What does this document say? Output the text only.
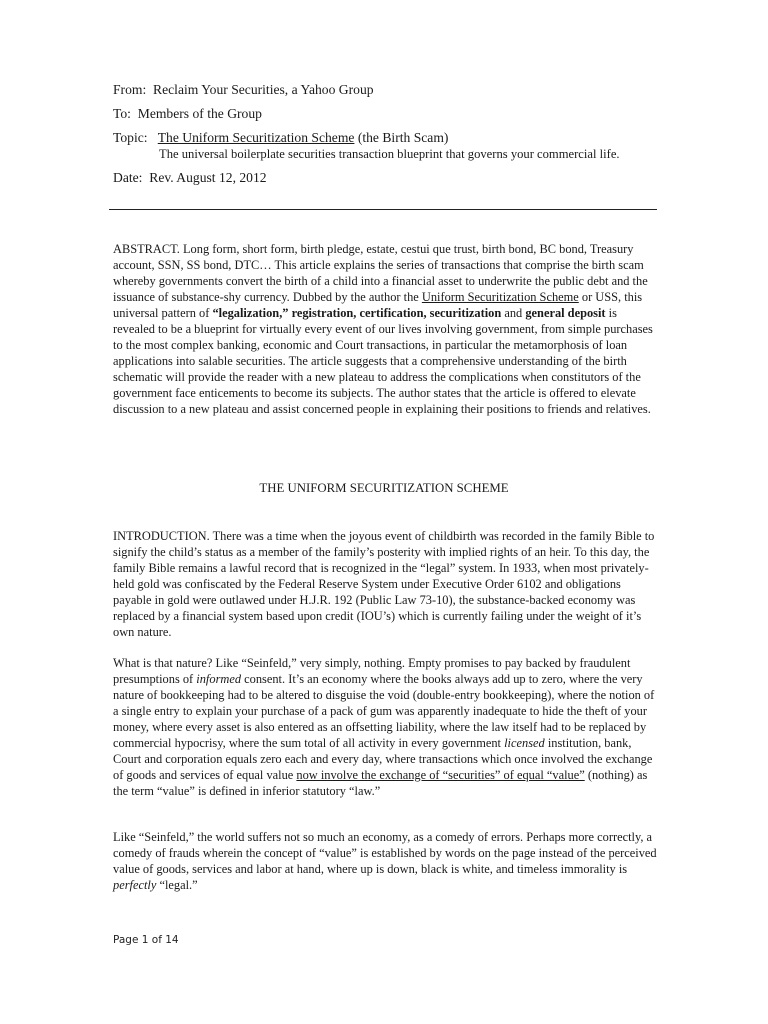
From: Reclaim Your Securities, a Yahoo Group
To: Members of the Group
Topic: The Uniform Securitization Scheme (the Birth Scam)
The universal boilerplate securities transaction blueprint that governs your commercial life.
Date: Rev. August 12, 2012
ABSTRACT. Long form, short form, birth pledge, estate, cestui que trust, birth bond, BC bond, Treasury account, SSN, SS bond, DTC… This article explains the series of transactions that comprise the birth scam whereby governments convert the birth of a child into a financial asset to underwrite the public debt and the issuance of substance-shy currency. Dubbed by the author the Uniform Securitization Scheme or USS, this universal pattern of “legalization,” registration, certification, securitization and general deposit is revealed to be a blueprint for virtually every event of our lives involving government, from simple purchases to the most complex banking, economic and Court transactions, in particular the metamorphosis of loan applications into salable securities. The article suggests that a comprehensive understanding of the birth schematic will provide the reader with a new plateau to address the complications when constitutors of the government face enticements to become its subjects. The author states that the article is offered to elevate discussion to a new plateau and assist concerned people in explaining their positions to friends and relatives.
THE UNIFORM SECURITIZATION SCHEME
INTRODUCTION. There was a time when the joyous event of childbirth was recorded in the family Bible to signify the child’s status as a member of the family’s posterity with implied rights of an heir. To this day, the family Bible remains a lawful record that is recognized in the “legal” system. In 1933, when most privately-held gold was confiscated by the Federal Reserve System under Executive Order 6102 and obligations payable in gold were outlawed under H.J.R. 192 (Public Law 73-10), the substance-backed economy was replaced by a financial system based upon credit (IOU’s) which is currently failing under the weight of it’s own nature.
What is that nature? Like “Seinfeld,” very simply, nothing. Empty promises to pay backed by fraudulent presumptions of informed consent. It’s an economy where the books always add up to zero, where the very nature of bookkeeping had to be altered to disguise the void (double-entry bookkeeping), where the notion of a single entry to explain your purchase of a pack of gum was apparently inadequate to hide the theft of your money, where every asset is also entered as an offsetting liability, where the law itself had to be replaced by commercial hypocrisy, where the sum total of all activity in every government licensed institution, bank, Court and corporation equals zero each and every day, where transactions which once involved the exchange of goods and services of equal value now involve the exchange of “securities” of equal “value” (nothing) as the term “value” is defined in inferior statutory “law.”
Like “Seinfeld,” the world suffers not so much an economy, as a comedy of errors. Perhaps more correctly, a comedy of frauds wherein the concept of “value” is established by words on the page instead of the perceived value of goods, services and labor at hand, where up is down, black is white, and timeless immorality is perfectly “legal.”
Page 1 of 14
